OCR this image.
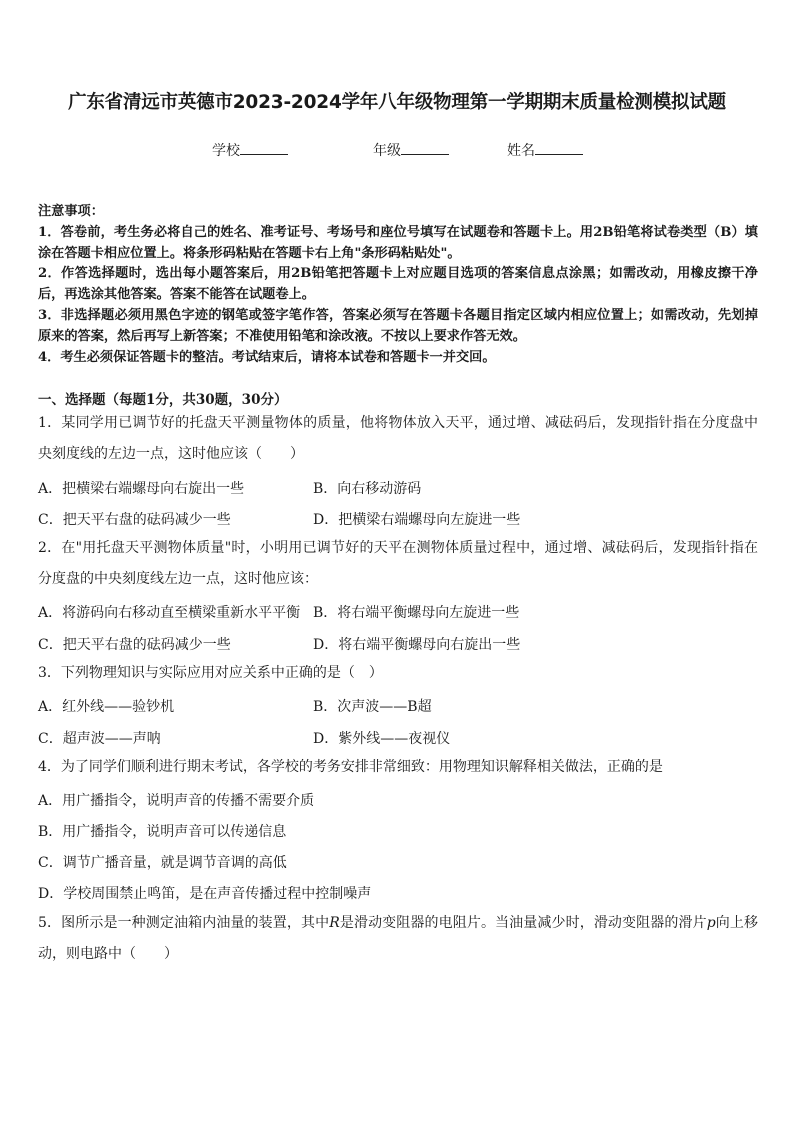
广东省清远市英德市2023-2024学年八年级物理第一学期期末质量检测模拟试题
学校	年级	姓名

注意事项：

1．答卷前，考生务必将自己的姓名、准考证号、考场号和座位号填写在试题卷和答题卡上。用2B铅笔将试卷类型（B）填涂在答题卡相应位置上。将条形码粘贴在答题卡右上角"条形码粘贴处"。

2．作答选择题时，选出每小题答案后，用2B铅笔把答题卡上对应题目选项的答案信息点涂黑；如需改动，用橡皮擦干净后，再选涂其他答案。答案不能答在试题卷上。

3．非选择题必须用黑色字迹的钢笔或签字笔作答，答案必须写在答题卡各题目指定区域内相应位置上；如需改动，先划掉原来的答案，然后再写上新答案；不准使用铅笔和涂改液。不按以上要求作答无效。

4．考生必须保证答题卡的整洁。考试结束后，请将本试卷和答题卡一并交回。

一、选择题（每题1分，共30题，30分）
1．某同学用已调节好的托盘天平测量物体的质量，他将物体放入天平，通过增、减砝码后，发现指针指在分度盘中央刻度线的左边一点，这时他应该（　　）
A．把横梁右端螺母向右旋出一些	B．向右移动游码
C．把天平右盘的砝码减少一些	D．把横梁右端螺母向左旋进一些
2．在"用托盘天平测物体质量"时，小明用已调节好的天平在测物体质量过程中，通过增、减砝码后，发现指针指在分度盘的中央刻度线左边一点，这时他应该：
A．将游码向右移动直至横梁重新水平平衡 B．将右端平衡螺母向左旋进一些
C．把天平右盘的砝码减少一些	D．将右端平衡螺母向右旋出一些
3．下列物理知识与实际应用对应关系中正确的是（　）
A．红外线——验钞机	B．次声波——B超
C．超声波——声呐	D．紫外线——夜视仪
4．为了同学们顺利进行期末考试，各学校的考务安排非常细致：用物理知识解释相关做法，正确的是
A．用广播指令，说明声音的传播不需要介质
B．用广播指令，说明声音可以传递信息
C．调节广播音量，就是调节音调的高低
D．学校周围禁止鸣笛，是在声音传播过程中控制噪声
5．图所示是一种测定油箱内油量的装置，其中R是滑动变阻器的电阻片。当油量减少时，滑动变阻器的滑片p向上移动，则电路中（　　）
